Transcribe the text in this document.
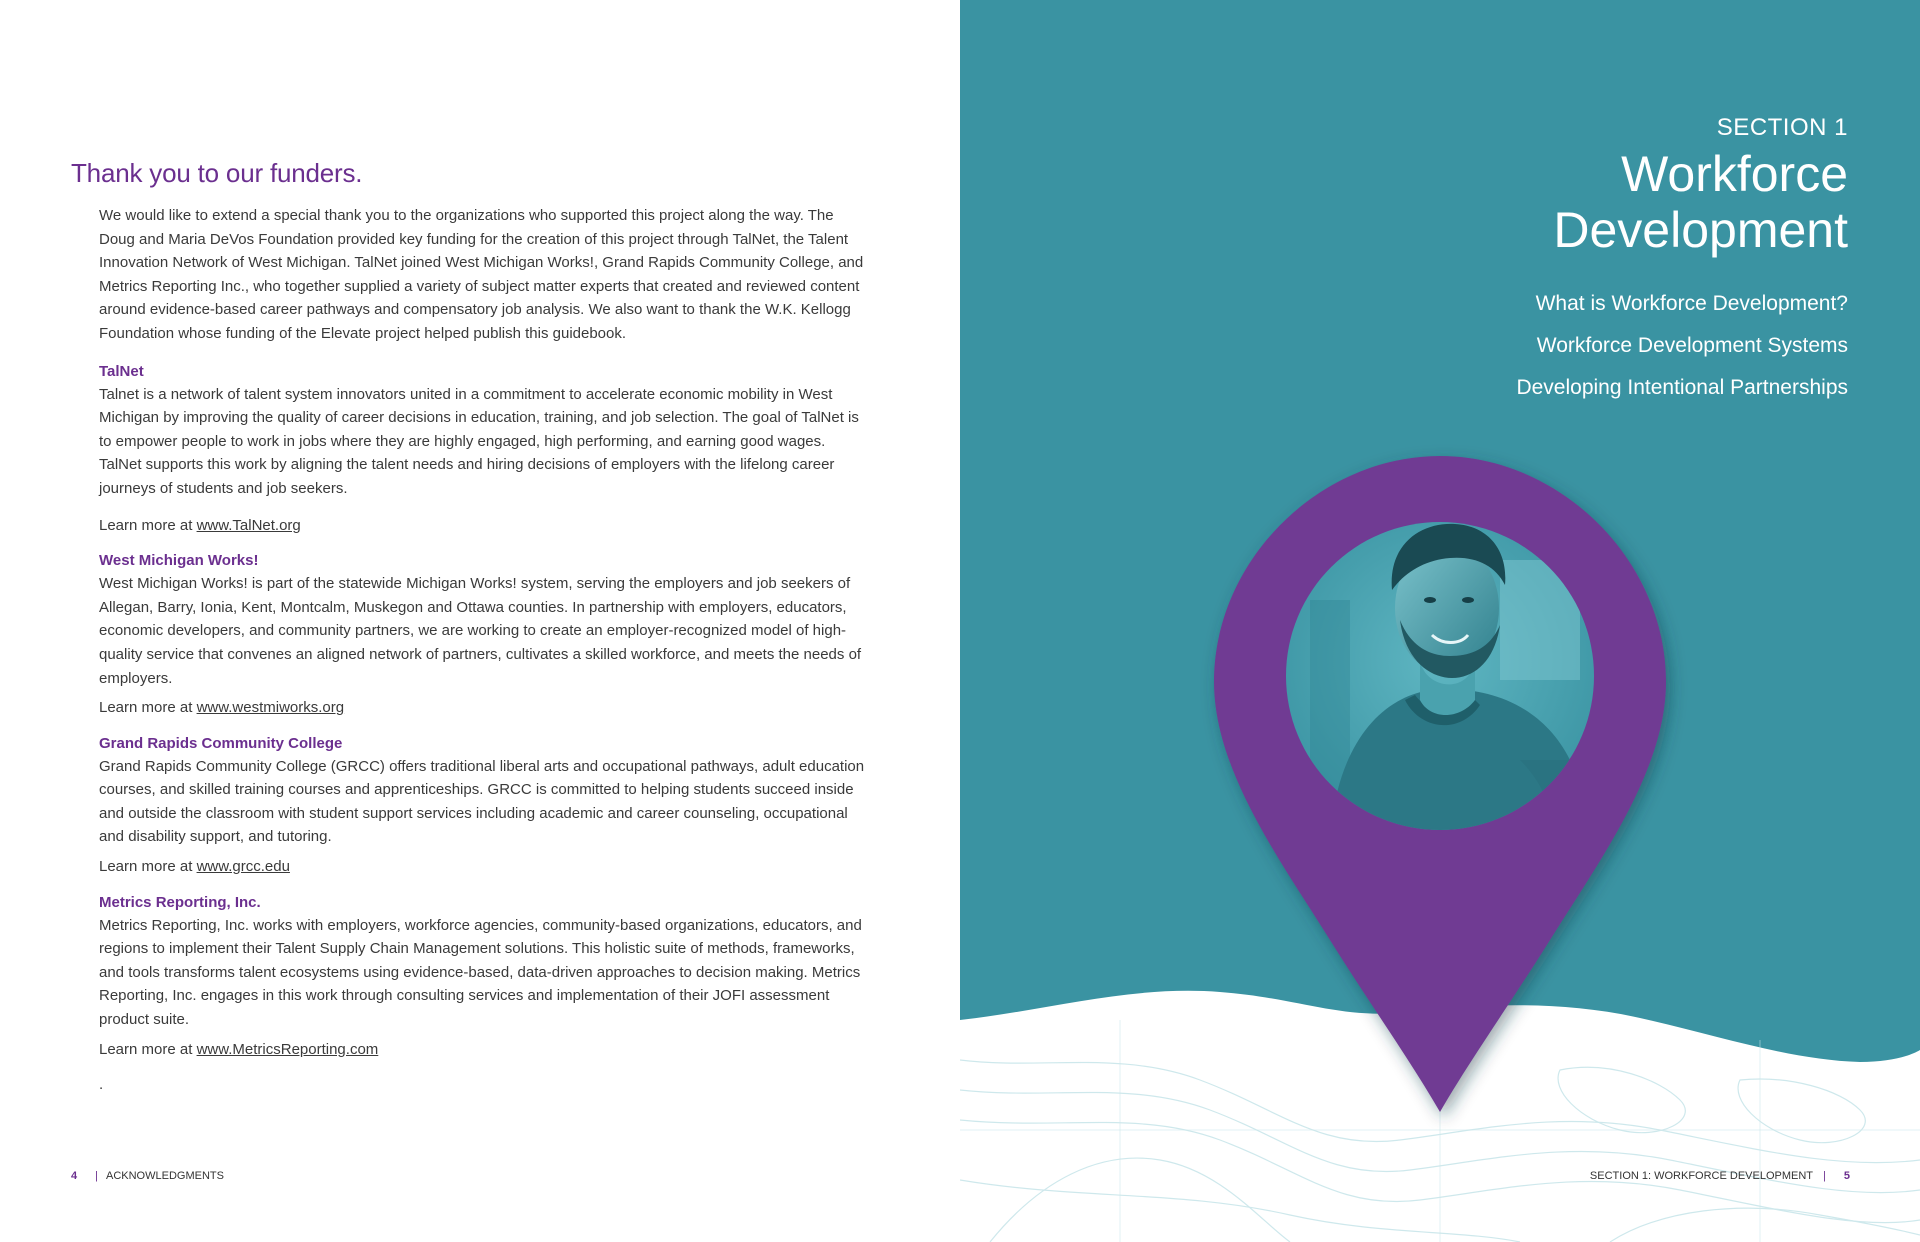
Thank you to our funders.

We would like to extend a special thank you to the organizations who supported this project along the way. The Doug and Maria DeVos Foundation provided key funding for the creation of this project through TalNet, the Talent Innovation Network of West Michigan. TalNet joined West Michigan Works!, Grand Rapids Community College, and Metrics Reporting Inc., who together supplied a variety of subject matter experts that created and reviewed content around evidence-based career pathways and compensatory job analysis. We also want to thank the W.K. Kellogg Foundation whose funding of the Elevate project helped publish this guidebook.

TalNet

Talnet is a network of talent system innovators united in a commitment to accelerate economic mobility in West Michigan by improving the quality of career decisions in education, training, and job selection. The goal of TalNet is to empower people to work in jobs where they are highly engaged, high performing, and earning good wages. TalNet supports this work by aligning the talent needs and hiring decisions of employers with the lifelong career journeys of students and job seekers.

Learn more at www.TalNet.org

West Michigan Works!

West Michigan Works! is part of the statewide Michigan Works! system, serving the employers and job seekers of Allegan, Barry, Ionia, Kent, Montcalm, Muskegon and Ottawa counties. In partnership with employers, educators, economic developers, and community partners, we are working to create an employer-recognized model of high-quality service that convenes an aligned network of partners, cultivates a skilled workforce, and meets the needs of employers.

Learn more at www.westmiworks.org

Grand Rapids Community College

Grand Rapids Community College (GRCC) offers traditional liberal arts and occupational pathways, adult education courses, and skilled training courses and apprenticeships. GRCC is committed to helping students succeed inside and outside the classroom with student support services including academic and career counseling, occupational and disability support, and tutoring.

Learn more at www.grcc.edu

Metrics Reporting, Inc.

Metrics Reporting, Inc. works with employers, workforce agencies, community-based organizations, educators, and regions to implement their Talent Supply Chain Management solutions. This holistic suite of methods, frameworks, and tools transforms talent ecosystems using evidence-based, data-driven approaches to decision making. Metrics Reporting, Inc. engages in this work through consulting services and implementation of their JOFI assessment product suite.

Learn more at www.MetricsReporting.com

.

4 | ACKNOWLEDGMENTS
SECTION 1
Workforce
Development
What is Workforce Development?
Workforce Development Systems
Developing Intentional Partnerships
SECTION 1: WORKFORCE DEVELOPMENT | 5
